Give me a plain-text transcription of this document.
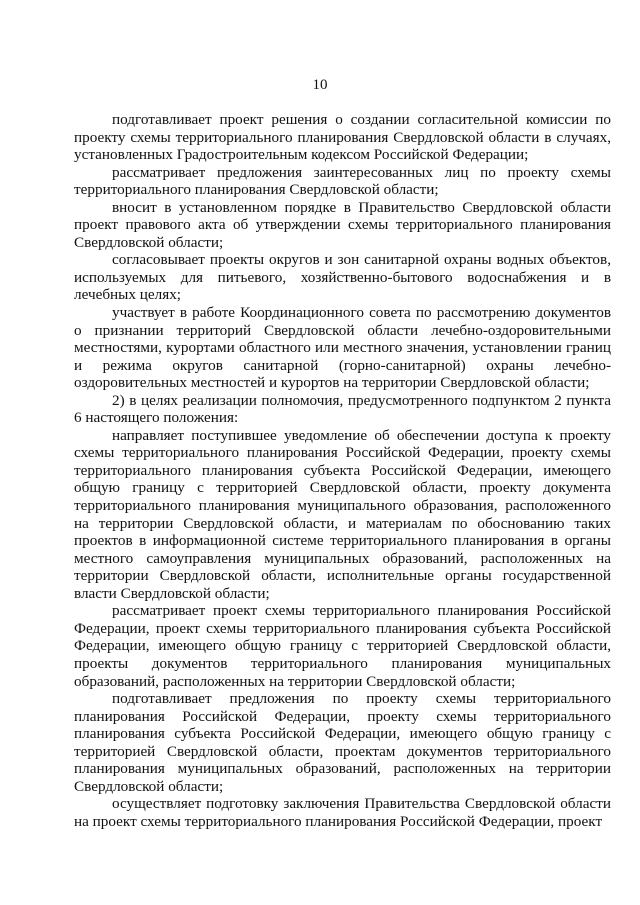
10

подготавливает проект решения о создании согласительной комиссии по проекту схемы территориального планирования Свердловской области в случаях, установленных Градостроительным кодексом Российской Федерации;

рассматривает предложения заинтересованных лиц по проекту схемы территориального планирования Свердловской области;

вносит в установленном порядке в Правительство Свердловской области проект правового акта об утверждении схемы территориального планирования Свердловской области;

согласовывает проекты округов и зон санитарной охраны водных объектов, используемых для питьевого, хозяйственно-бытового водоснабжения и в лечебных целях;

участвует в работе Координационного совета по рассмотрению документов о признании территорий Свердловской области лечебно-оздоровительными местностями, курортами областного или местного значения, установлении границ и режима округов санитарной (горно-санитарной) охраны лечебно-оздоровительных местностей и курортов на территории Свердловской области;

2) в целях реализации полномочия, предусмотренного подпунктом 2 пункта 6 настоящего положения:

направляет поступившее уведомление об обеспечении доступа к проекту схемы территориального планирования Российской Федерации, проекту схемы территориального планирования субъекта Российской Федерации, имеющего общую границу с территорией Свердловской области, проекту документа территориального планирования муниципального образования, расположенного на территории Свердловской области, и материалам по обоснованию таких проектов в информационной системе территориального планирования в органы местного самоуправления муниципальных образований, расположенных на территории Свердловской области, исполнительные органы государственной власти Свердловской области;

рассматривает проект схемы территориального планирования Российской Федерации, проект схемы территориального планирования субъекта Российской Федерации, имеющего общую границу с территорией Свердловской области, проекты документов территориального планирования муниципальных образований, расположенных на территории Свердловской области;

подготавливает предложения по проекту схемы территориального планирования Российской Федерации, проекту схемы территориального планирования субъекта Российской Федерации, имеющего общую границу с территорией Свердловской области, проектам документов территориального планирования муниципальных образований, расположенных на территории Свердловской области;

осуществляет подготовку заключения Правительства Свердловской области на проект схемы территориального планирования Российской Федерации, проект
